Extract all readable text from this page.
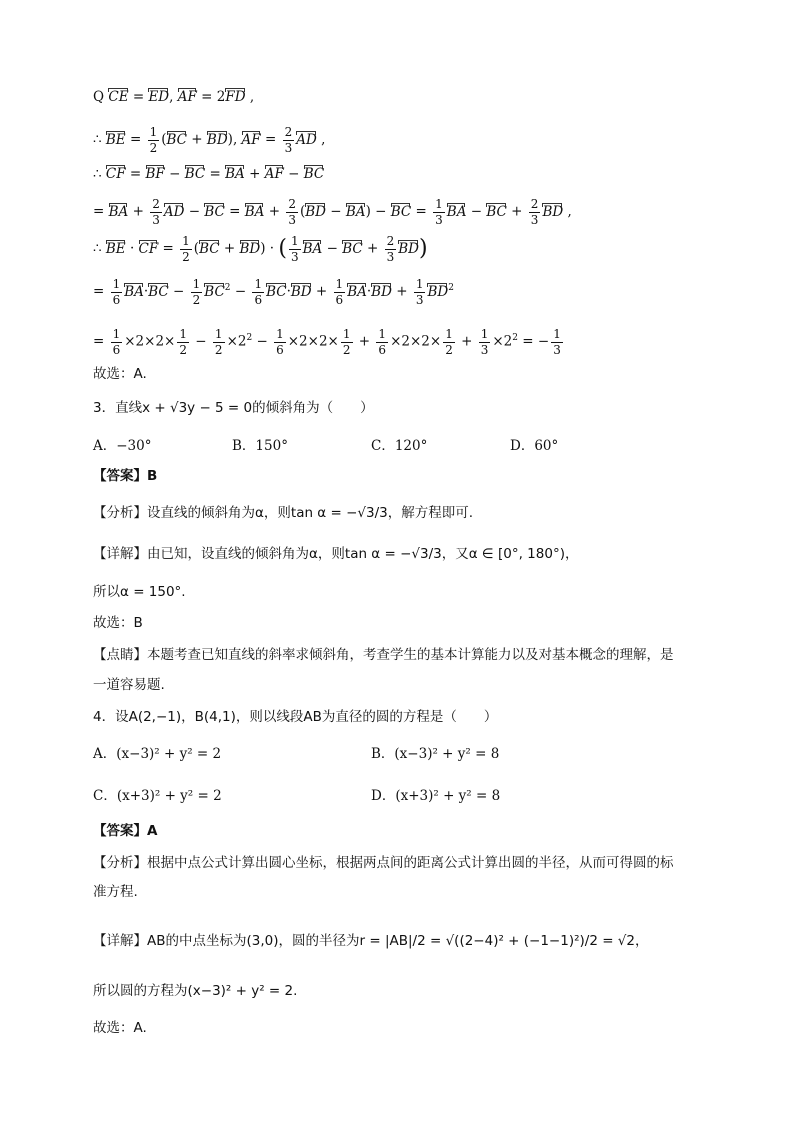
Q CE = ED, AF = 2FD ,
∴ BE = $\frac{1}{2} (BC + BD)$, AF = $\frac{2}{3}$ AD ,
∴ CF = BF − BC = BA + AF − BC
= BA + $\frac{2}{3}$ AD − BC = BA + $\frac{2}{3} (BD - BA)$ − BC = $\frac{1}{3}$ BA − BC + $\frac{2}{3}$ BD ,
∴ BE · CF = $\frac{1}{2} (BC + BD)$ · ( $\frac{1}{3}$ BA − BC + $\frac{2}{3} BD$)
= $\frac{1}{6} BA\cdot BC - \frac{1}{2} BC^2 - \frac{1}{6} BC\cdot BD + \frac{1}{6} BA\cdot BD + \frac{1}{3} BD^2$
= $\frac{1}{6} \times 2\times 2\times \frac{1}{2} - \frac{1}{2} \times 2^2 - \frac{1}{6} \times 2\times 2\times \frac{1}{2} + \frac{1}{6} \times 2\times 2\times \frac{1}{2} + \frac{1}{3} \times 2^2$ = − $\frac{1}{3}$
故选：A.
3．直线x + √3y − 5 = 0的倾斜角为（　　）
A．−30°	B．150°	C．120°	D．60°
【答案】B
【分析】设直线的倾斜角为α，则tan α = −√3/3，解方程即可.
【详解】由已知，设直线的倾斜角为α，则tan α = −√3/3，又α ∈ [0°, 180°)，
所以α = 150°.
故选：B
【点睛】本题考查已知直线的斜率求倾斜角，考查学生的基本计算能力以及对基本概念的理解，是
一道容易题.
4．设A(2,−1)，B(4,1)，则以线段AB为直径的圆的方程是（　　）
A．(x−3)² + y² = 2	B．(x−3)² + y² = 8
C．(x+3)² + y² = 2	D．(x+3)² + y² = 8
【答案】A
【分析】根据中点公式计算出圆心坐标，根据两点间的距离公式计算出圆的半径，从而可得圆的标
准方程.
【详解】AB的中点坐标为(3,0)，圆的半径为r = |AB|/2 = √((2−4)² + (−1−1)²)/2 = √2，
所以圆的方程为(x−3)² + y² = 2.
故选：A.
